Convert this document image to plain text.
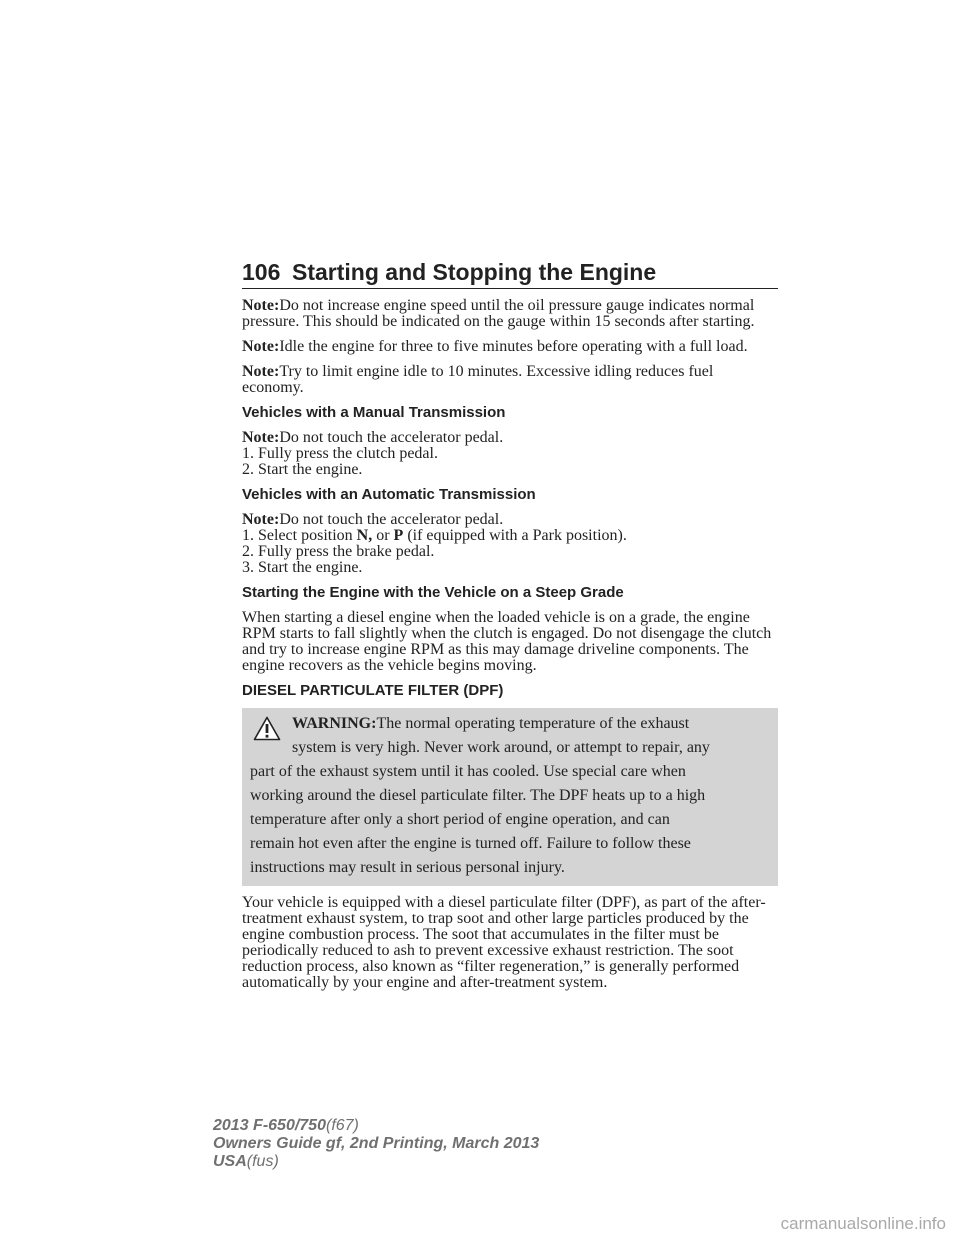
106 Starting and Stopping the Engine

Note:Do not increase engine speed until the oil pressure gauge indicates normal pressure. This should be indicated on the gauge within 15 seconds after starting.

Note:Idle the engine for three to five minutes before operating with a full load.

Note:Try to limit engine idle to 10 minutes. Excessive idling reduces fuel economy.

Vehicles with a Manual Transmission
Note:Do not touch the accelerator pedal.
1. Fully press the clutch pedal.
2. Start the engine.
Vehicles with an Automatic Transmission
Note:Do not touch the accelerator pedal.
1. Select position N, or P (if equipped with a Park position).
2. Fully press the brake pedal.
3. Start the engine.
Starting the Engine with the Vehicle on a Steep Grade

When starting a diesel engine when the loaded vehicle is on a grade, the engine RPM starts to fall slightly when the clutch is engaged. Do not disengage the clutch and try to increase engine RPM as this may damage driveline components. The engine recovers as the vehicle begins moving.

DIESEL PARTICULATE FILTER (DPF)
WARNING:The normal operating temperature of the exhaust
system is very high. Never work around, or attempt to repair, any
part of the exhaust system until it has cooled. Use special care when
working around the diesel particulate filter. The DPF heats up to a high
temperature after only a short period of engine operation, and can
remain hot even after the engine is turned off. Failure to follow these
instructions may result in serious personal injury.

Your vehicle is equipped with a diesel particulate filter (DPF), as part of the after-treatment exhaust system, to trap soot and other large particles produced by the engine combustion process. The soot that accumulates in the filter must be periodically reduced to ash to prevent excessive exhaust restriction. The soot reduction process, also known as “filter regeneration,” is generally performed automatically by your engine and after-treatment system.

2013 F-650/750(f67)
Owners Guide gf, 2nd Printing, March 2013
USA(fus)
carmanualsonline.info
